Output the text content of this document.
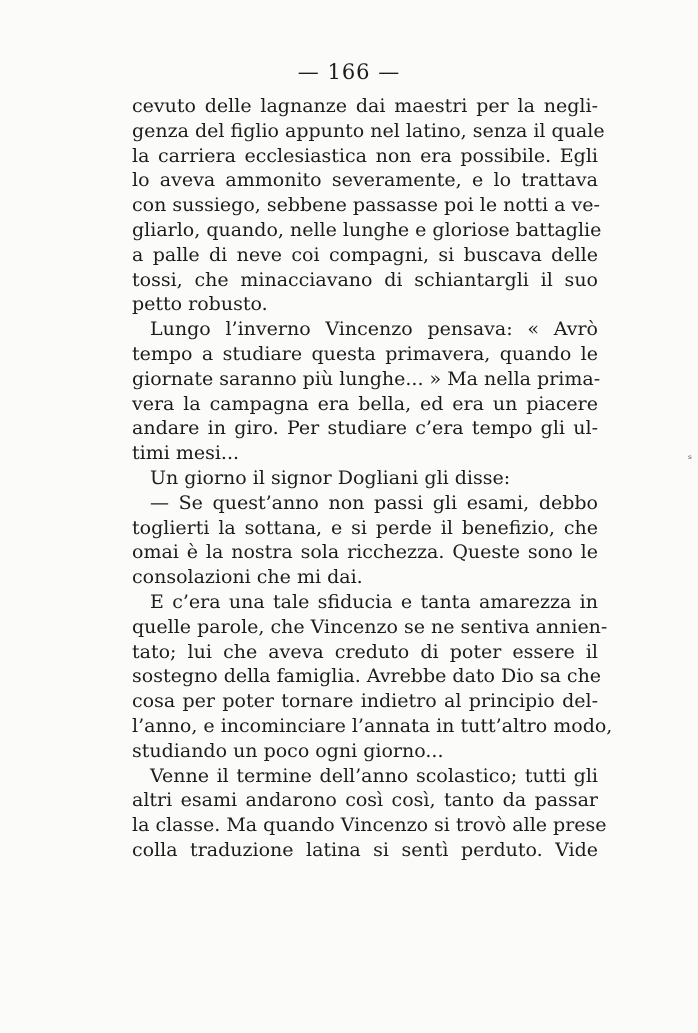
— 166 —
cevuto delle lagnanze dai maestri per la negli-
genza del figlio appunto nel latino, senza il quale
la carriera ecclesiastica non era possibile. Egli
lo aveva ammonito severamente, e lo trattava
con sussiego, sebbene passasse poi le notti a ve-
gliarlo, quando, nelle lunghe e gloriose battaglie
a palle di neve coi compagni, si buscava delle
tossi, che minacciavano di schiantargli il suo
petto robusto.
Lungo l’inverno Vincenzo pensava: « Avrò
tempo a studiare questa primavera, quando le
giornate saranno più lunghe... » Ma nella prima-
vera la campagna era bella, ed era un piacere
andare in giro. Per studiare c’era tempo gli ul-
timi mesi...
Un giorno il signor Dogliani gli disse:
— Se quest’anno non passi gli esami, debbo
toglierti la sottana, e si perde il benefizio, che
omai è la nostra sola ricchezza. Queste sono le
consolazioni che mi dai.
E c’era una tale sfiducia e tanta amarezza in
quelle parole, che Vincenzo se ne sentiva annien-
tato; lui che aveva creduto di poter essere il
sostegno della famiglia. Avrebbe dato Dio sa che
cosa per poter tornare indietro al principio del-
l’anno, e incominciare l’annata in tutt’altro modo,
studiando un poco ogni giorno...
Venne il termine dell’anno scolastico; tutti gli
altri esami andarono così così, tanto da passar
la classe. Ma quando Vincenzo si trovò alle prese
colla traduzione latina si sentì perduto. Vide
ˢ
